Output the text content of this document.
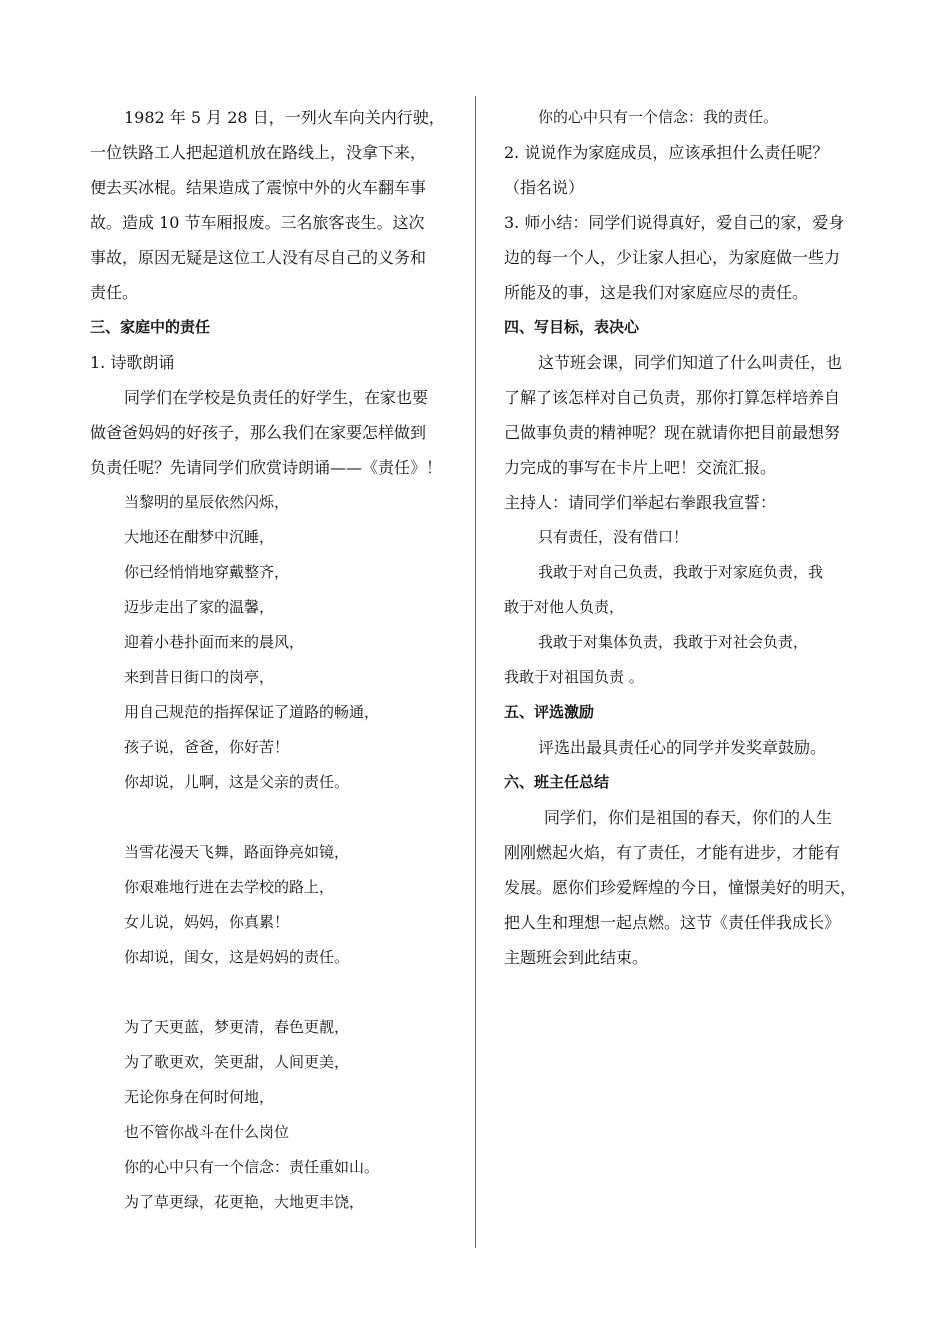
1982 年 5 月 28 日，一列火车向关内行驶，
一位铁路工人把起道机放在路线上，没拿下来，
便去买冰棍。结果造成了震惊中外的火车翻车事
故。造成 10 节车厢报废。三名旅客丧生。这次
事故，原因无疑是这位工人没有尽自己的义务和
责任。
三、家庭中的责任
1. 诗歌朗诵
同学们在学校是负责任的好学生，在家也要
做爸爸妈妈的好孩子，那么我们在家要怎样做到
负责任呢？先请同学们欣赏诗朗诵——《责任》！
当黎明的星辰依然闪烁，
大地还在酣梦中沉睡，
你已经悄悄地穿戴整齐，
迈步走出了家的温馨，
迎着小巷扑面而来的晨风，
来到昔日街口的岗亭，
用自己规范的指挥保证了道路的畅通，
孩子说，爸爸，你好苦！
你却说，儿啊，这是父亲的责任。
当雪花漫天飞舞，路面铮亮如镜，
你艰难地行进在去学校的路上，
女儿说，妈妈，你真累！
你却说，闺女，这是妈妈的责任。
为了天更蓝，梦更清，春色更靓，
为了歌更欢，笑更甜，人间更美，
无论你身在何时何地，
也不管你战斗在什么岗位
你的心中只有一个信念：责任重如山。
为了草更绿，花更艳，大地更丰饶，
你的心中只有一个信念：我的责任。
2. 说说作为家庭成员，应该承担什么责任呢？
（指名说）
3. 师小结：同学们说得真好，爱自己的家，爱身
边的每一个人，少让家人担心，为家庭做一些力
所能及的事，这是我们对家庭应尽的责任。
四、写目标，表决心
这节班会课，同学们知道了什么叫责任，也
了解了该怎样对自己负责，那你打算怎样培养自
己做事负责的精神呢？现在就请你把目前最想努
力完成的事写在卡片上吧！交流汇报。
主持人：请同学们举起右拳跟我宣誓：
只有责任，没有借口！
我敢于对自己负责，我敢于对家庭负责，我
敢于对他人负责，
我敢于对集体负责，我敢于对社会负责，
我敢于对祖国负责 。
五、评选激励
评选出最具责任心的同学并发奖章鼓励。
六、班主任总结
同学们，你们是祖国的春天，你们的人生
刚刚燃起火焰，有了责任，才能有进步，才能有
发展。愿你们珍爱辉煌的今日，憧憬美好的明天，
把人生和理想一起点燃。这节《责任伴我成长》
主题班会到此结束。
